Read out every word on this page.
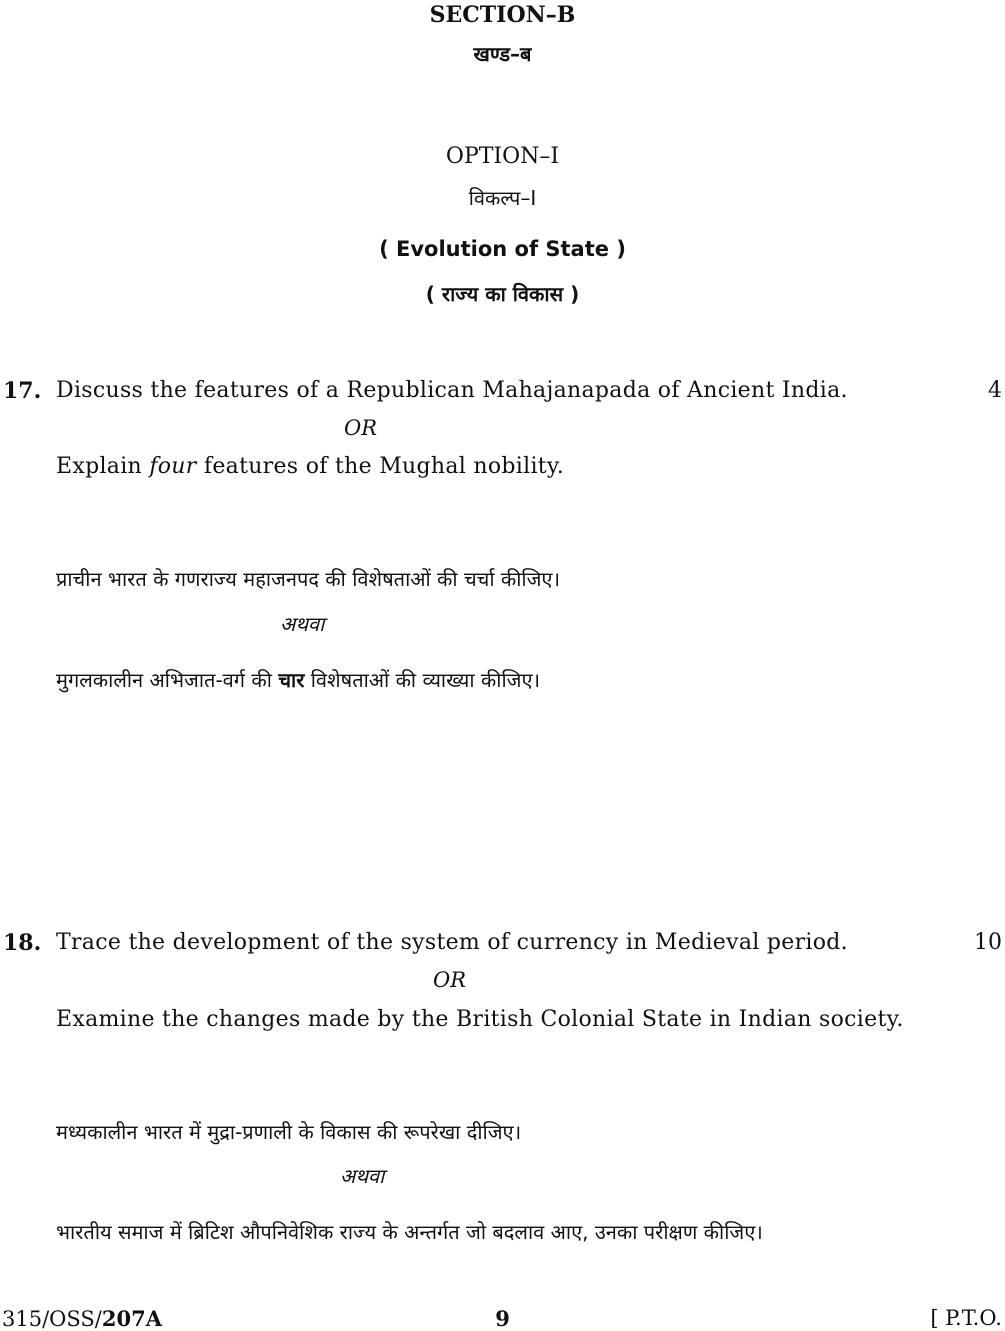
SECTION–B
खण्ड–ब
OPTION–I
विकल्प–I
( Evolution of State )
( राज्य का विकास )
17. Discuss the features of a Republican Mahajanapada of Ancient India.	4
OR
Explain four features of the Mughal nobility.
प्राचीन भारत के गणराज्य महाजनपद की विशेषताओं की चर्चा कीजिए।
अथवा
मुगलकालीन अभिजात-वर्ग की चार विशेषताओं की व्याख्या कीजिए।
18. Trace the development of the system of currency in Medieval period.	10
OR
Examine the changes made by the British Colonial State in Indian society.
मध्यकालीन भारत में मुद्रा-प्रणाली के विकास की रूपरेखा दीजिए।
अथवा
भारतीय समाज में ब्रिटिश औपनिवेशिक राज्य के अन्तर्गत जो बदलाव आए, उनका परीक्षण कीजिए।
315/OSS/207A	9	[ P.T.O.
